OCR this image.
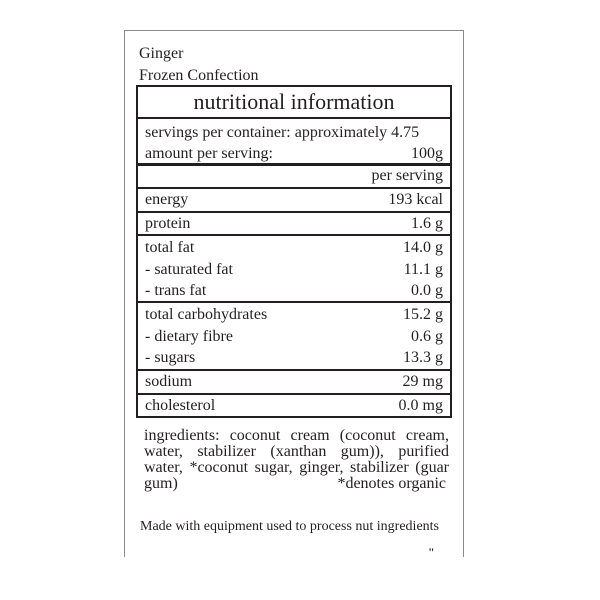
Ginger
Frozen Confection
nutritional information
servings per container: approximately 4.75
amount per serving:	100g
per serving
energy	193 kcal
protein	1.6 g
total fat	14.0 g
- saturated fat	11.1 g
- trans fat	0.0 g
total carbohydrates	15.2 g
- dietary fibre	0.6 g
- sugars	13.3 g
sodium	29 mg
cholesterol	0.0 mg
ingredients: coconut cream (coconut cream, water, stabilizer (xanthan gum)), purified water, *coconut sugar, ginger, stabilizer (guar gum)	*denotes organic
Made with equipment used to process nut ingredients
"
